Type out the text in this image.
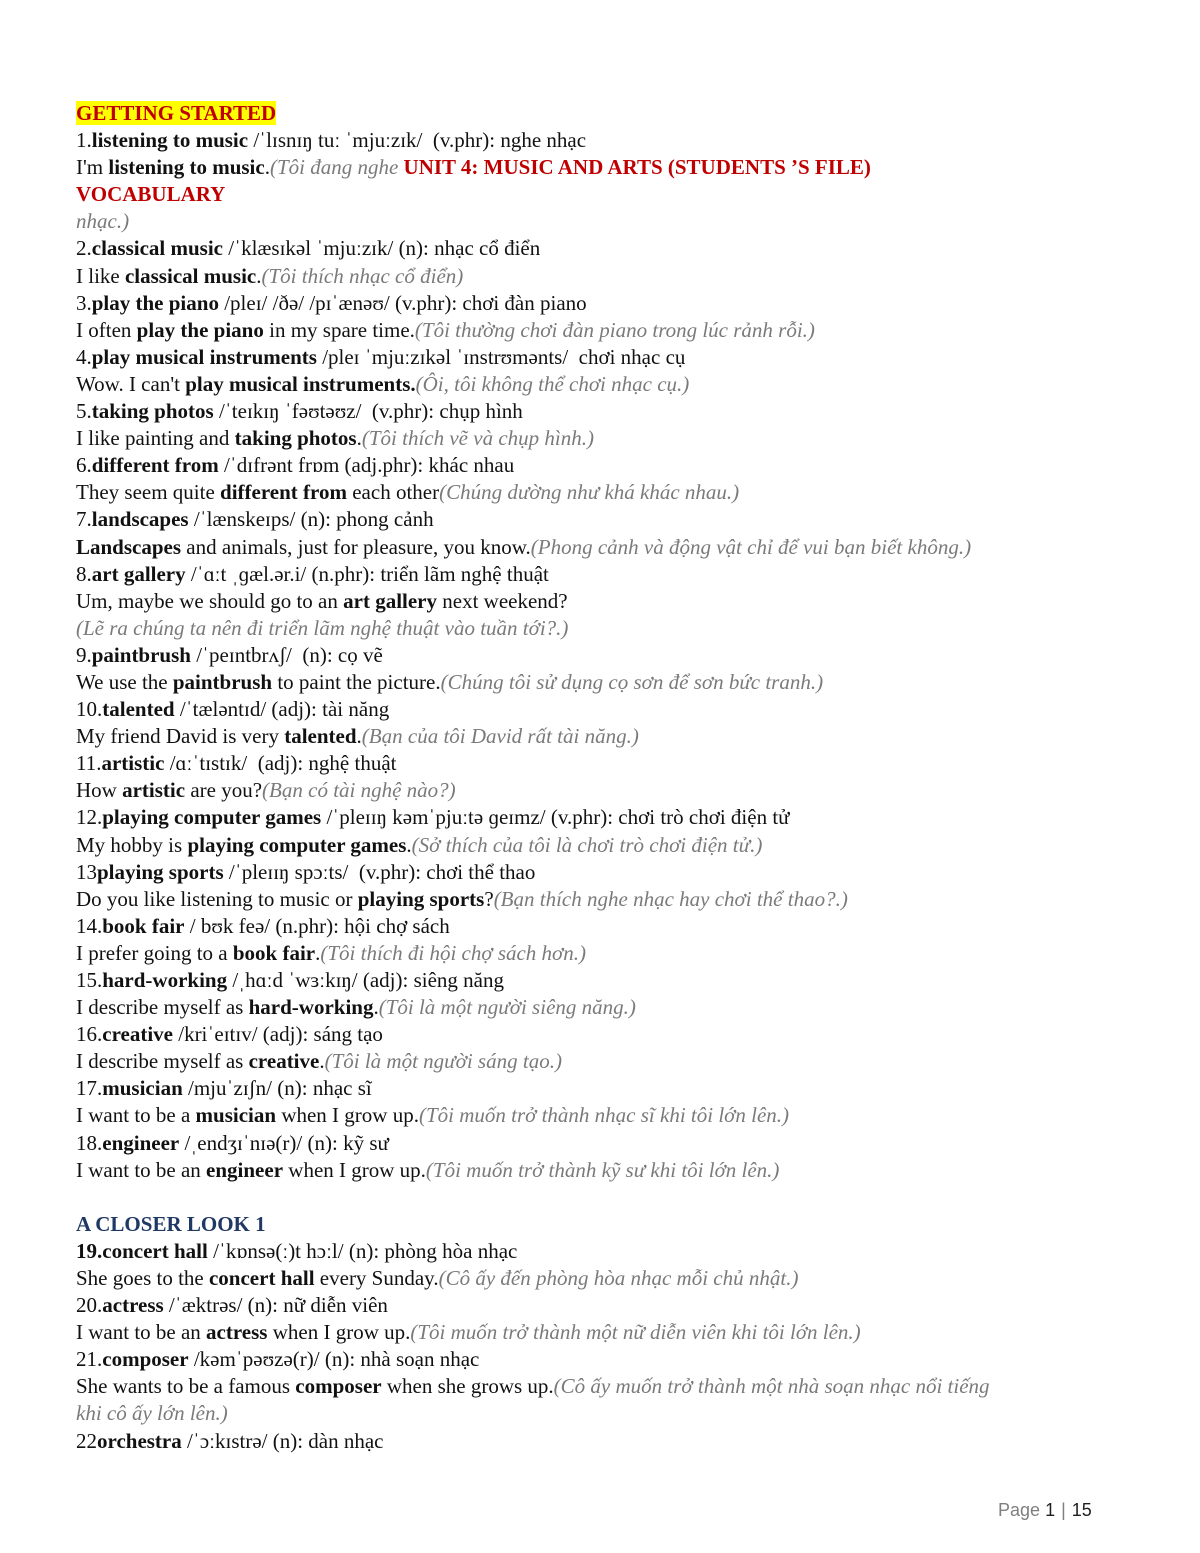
GETTING STARTED
1.listening to music /ˈlɪsnɪŋ tuː ˈmjuːzɪk/  (v.phr): nghe nhạc
I'm listening to music.(Tôi đang nghe UNIT 4: MUSIC AND ARTS (STUDENTS ’S FILE)
VOCABULARY
nhạc.)
2.classical music /ˈklæsɪkəl ˈmjuːzɪk/ (n): nhạc cổ điển
I like classical music.(Tôi thích nhạc cổ điển)
3.play the piano /pleɪ/ /ðə/ /pɪˈænəʊ/ (v.phr): chơi đàn piano
I often play the piano in my spare time.(Tôi thường chơi đàn piano trong lúc rảnh rỗi.)
4.play musical instruments /pleɪ ˈmjuːzɪkəl ˈɪnstrʊmənts/  chơi nhạc cụ
Wow. I can't play musical instruments.(Ôi, tôi không thể chơi nhạc cụ.)
5.taking photos /ˈteɪkɪŋ ˈfəʊtəʊz/  (v.phr): chụp hình
I like painting and taking photos.(Tôi thích vẽ và chụp hình.)
6.different from /ˈdɪfrənt frɒm (adj.phr): khác nhau
They seem quite different from each other(Chúng dường như khá khác nhau.)
7.landscapes /ˈlænskeɪps/ (n): phong cảnh
Landscapes and animals, just for pleasure, you know.(Phong cảnh và động vật chỉ để vui bạn biết không.)
8.art gallery /ˈɑːt ˌɡæl.ər.i/ (n.phr): triển lãm nghệ thuật
Um, maybe we should go to an art gallery next weekend?
(Lẽ ra chúng ta nên đi triển lãm nghệ thuật vào tuần tới?.)
9.paintbrush /ˈpeɪntbrʌʃ/  (n): cọ vẽ
We use the paintbrush to paint the picture.(Chúng tôi sử dụng cọ sơn để sơn bức tranh.)
10.talented /ˈtæləntɪd/ (adj): tài năng
My friend David is very talented.(Bạn của tôi David rất tài năng.)
11.artistic /ɑːˈtɪstɪk/  (adj): nghệ thuật
How artistic are you?(Bạn có tài nghệ nào?)
12.playing computer games /ˈpleɪɪŋ kəmˈpjuːtə ɡeɪmz/ (v.phr): chơi trò chơi điện tử
My hobby is playing computer games.(Sở thích của tôi là chơi trò chơi điện tử.)
13playing sports /ˈpleɪɪŋ spɔːts/  (v.phr): chơi thể thao
Do you like listening to music or playing sports?(Bạn thích nghe nhạc hay chơi thể thao?.)
14.book fair / bʊk feə/ (n.phr): hội chợ sách
I prefer going to a book fair.(Tôi thích đi hội chợ sách hơn.)
15.hard-working /ˌhɑːd ˈwɜːkɪŋ/ (adj): siêng năng
I describe myself as hard-working.(Tôi là một người siêng năng.)
16.creative /kriˈeɪtɪv/ (adj): sáng tạo
I describe myself as creative.(Tôi là một người sáng tạo.)
17.musician /mjuˈzɪʃn/ (n): nhạc sĩ
I want to be a musician when I grow up.(Tôi muốn trở thành nhạc sĩ khi tôi lớn lên.)
18.engineer /ˌendʒɪˈnɪə(r)/ (n): kỹ sư
I want to be an engineer when I grow up.(Tôi muốn trở thành kỹ sư khi tôi lớn lên.)
A CLOSER LOOK 1
19.concert hall /ˈkɒnsə(ː)t hɔːl/ (n): phòng hòa nhạc
She goes to the concert hall every Sunday.(Cô ấy đến phòng hòa nhạc mỗi chủ nhật.)
20.actress /ˈæktrəs/ (n): nữ diễn viên
I want to be an actress when I grow up.(Tôi muốn trở thành một nữ diễn viên khi tôi lớn lên.)
21.composer /kəmˈpəʊzə(r)/ (n): nhà soạn nhạc
She wants to be a famous composer when she grows up.(Cô ấy muốn trở thành một nhà soạn nhạc nổi tiếng
khi cô ấy lớn lên.)
22orchestra /ˈɔːkɪstrə/ (n): dàn nhạc
Page 1 | 15
